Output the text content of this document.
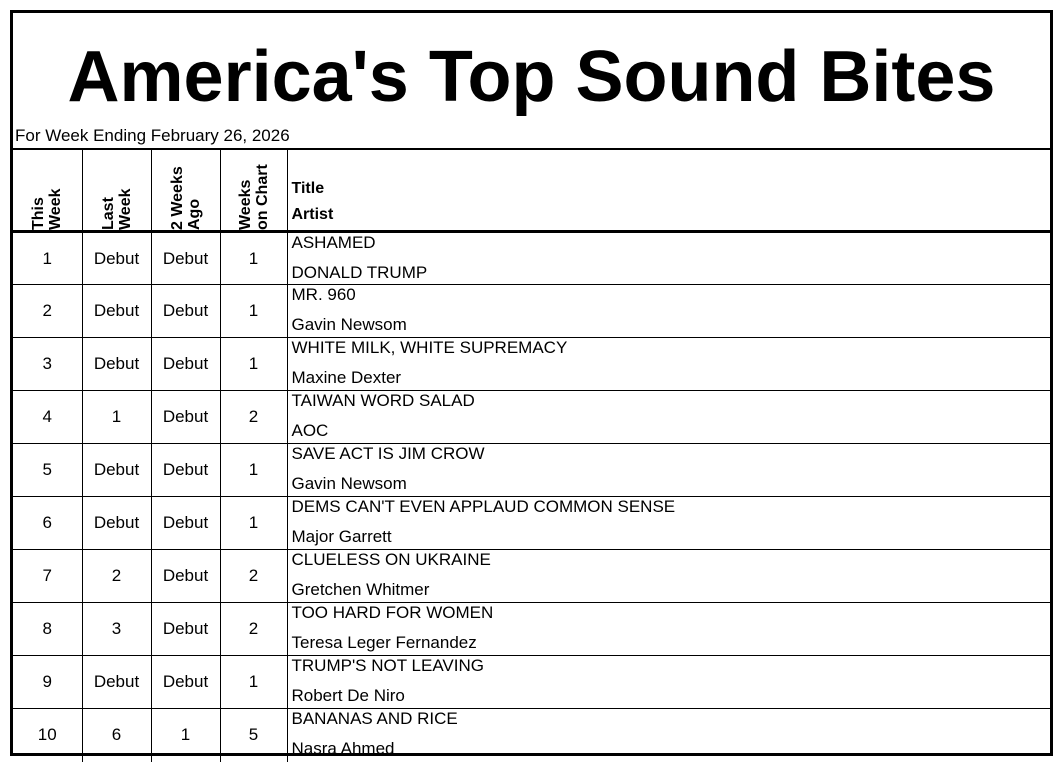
America's Top Sound Bites
For Week Ending February 26, 2026
This Week	Last Week	2 Weeks Ago	Weeks on Chart	Title
Artist

1	Debut	Debut	1	ASHAMED
DONALD TRUMP

2	Debut	Debut	1	MR. 960
Gavin Newsom

3	Debut	Debut	1	WHITE MILK, WHITE SUPREMACY
Maxine Dexter

4	1	Debut	2	TAIWAN WORD SALAD
AOC

5	Debut	Debut	1	SAVE ACT IS JIM CROW
Gavin Newsom

6	Debut	Debut	1	DEMS CAN'T EVEN APPLAUD COMMON SENSE
Major Garrett

7	2	Debut	2	CLUELESS ON UKRAINE
Gretchen Whitmer

8	3	Debut	2	TOO HARD FOR WOMEN
Teresa Leger Fernandez

9	Debut	Debut	1	TRUMP'S NOT LEAVING
Robert De Niro

10	6	1	5	BANANAS AND RICE
Nasra Ahmed
